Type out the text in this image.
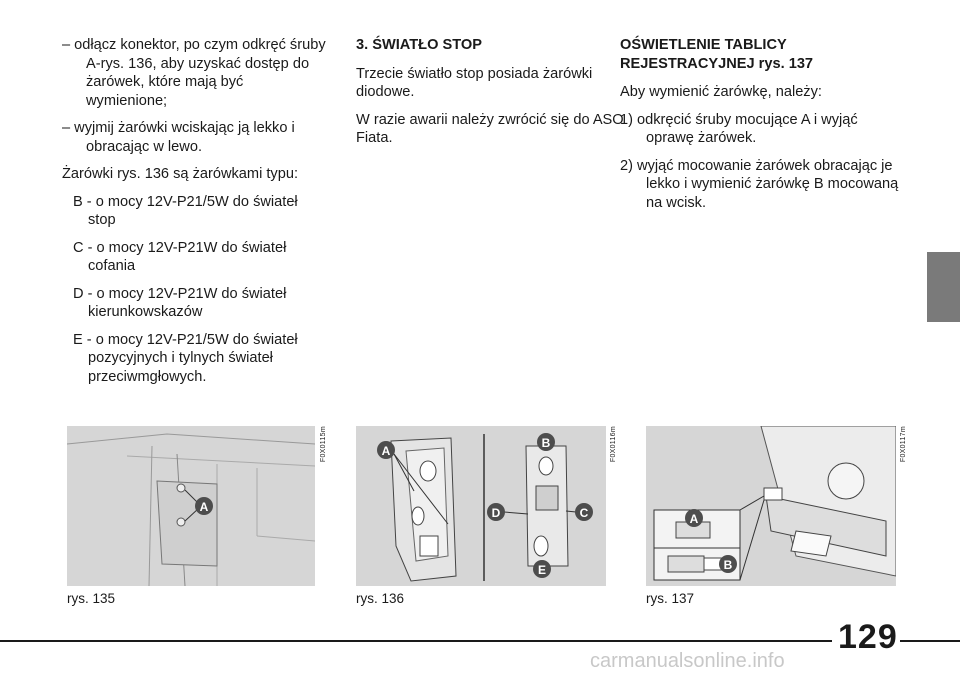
– odłącz konektor, po czym odkręć śruby A-rys. 136, aby uzyskać dostęp do żarówek, które mają być wymienione;

– wyjmij żarówki wciskając ją lekko i obracając w lewo.

Żarówki rys. 136 są żarówkami typu:

B - o mocy 12V-P21/5W do świateł stop

C - o mocy 12V-P21W do świateł cofania

D - o mocy 12V-P21W do świateł kierunkowskazów

E - o mocy 12V-P21/5W do świateł pozycyjnych i tylnych świateł przeciwmgłowych.

3. ŚWIATŁO STOP

Trzecie światło stop posiada żarówki diodowe.

W razie awarii należy zwrócić się do ASO Fiata.

OŚWIETLENIE TABLICY REJESTRACYJNEJ rys. 137

Aby wymienić żarówkę, należy:

1) odkręcić śruby mocujące A i wyjąć oprawę żarówek.

2) wyjąć mocowanie żarówek obracając je lekko i wymienić żarówkę B mocowaną na wcisk.

A
F0X0115m
rys. 135
A
B
C
D
E
F0X0116m
rys. 136
A
B
F0X0117m
rys. 137
129
carmanualsonline.info
